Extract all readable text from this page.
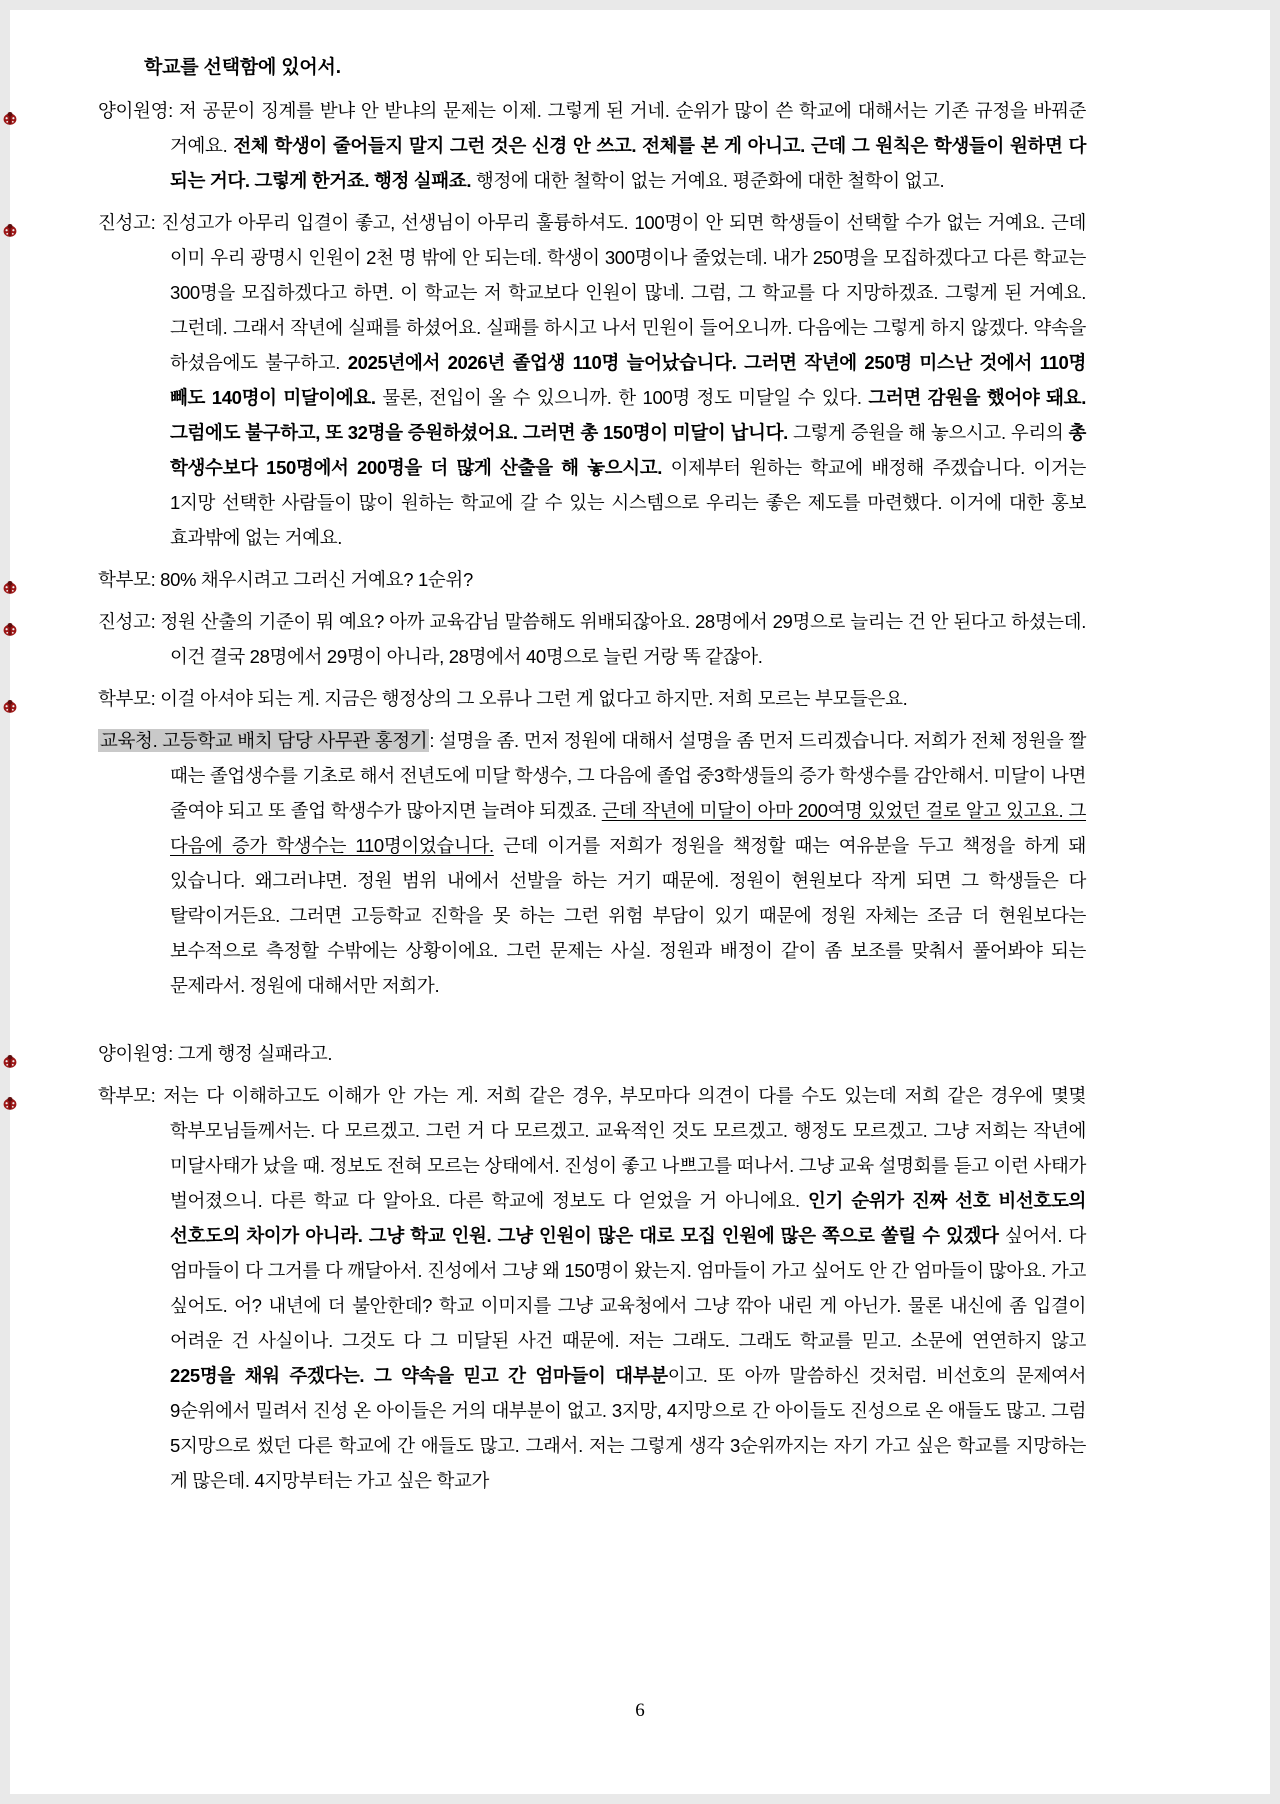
학교를 선택함에 있어서.

양이원영: 저 공문이 징계를 받냐 안 받냐의 문제는 이제. 그렇게 된 거네. 순위가 많이 쓴 학교에 대해서는 기존 규정을 바꿔준 거예요. 전체 학생이 줄어들지 말지 그런 것은 신경 안 쓰고. 전체를 본 게 아니고. 근데 그 원칙은 학생들이 원하면 다 되는 거다. 그렇게 한거죠. 행정 실패죠. 행정에 대한 철학이 없는 거예요. 평준화에 대한 철학이 없고.

진성고: 진성고가 아무리 입결이 좋고, 선생님이 아무리 훌륭하셔도. 100명이 안 되면 학생들이 선택할 수가 없는 거예요. 근데 이미 우리 광명시 인원이 2천 명 밖에 안 되는데. 학생이 300명이나 줄었는데. 내가 250명을 모집하겠다고 다른 학교는 300명을 모집하겠다고 하면. 이 학교는 저 학교보다 인원이 많네. 그럼, 그 학교를 다 지망하겠죠. 그렇게 된 거예요. 그런데. 그래서 작년에 실패를 하셨어요. 실패를 하시고 나서 민원이 들어오니까. 다음에는 그렇게 하지 않겠다. 약속을 하셨음에도 불구하고. 2025년에서 2026년 졸업생 110명 늘어났습니다. 그러면 작년에 250명 미스난 것에서 110명 빼도 140명이 미달이에요. 물론, 전입이 올 수 있으니까. 한 100명 정도 미달일 수 있다. 그러면 감원을 했어야 돼요. 그럼에도 불구하고, 또 32명을 증원하셨어요. 그러면 총 150명이 미달이 납니다. 그렇게 증원을 해 놓으시고. 우리의 총 학생수보다 150명에서 200명을 더 많게 산출을 해 놓으시고. 이제부터 원하는 학교에 배정해 주겠습니다. 이거는 1지망 선택한 사람들이 많이 원하는 학교에 갈 수 있는 시스템으로 우리는 좋은 제도를 마련했다. 이거에 대한 홍보 효과밖에 없는 거예요.

학부모: 80% 채우시려고 그러신 거예요? 1순위?

진성고: 정원 산출의 기준이 뭐 예요? 아까 교육감님 말씀해도 위배되잖아요. 28명에서 29명으로 늘리는 건 안 된다고 하셨는데. 이건 결국 28명에서 29명이 아니라, 28명에서 40명으로 늘린 거랑 똑 같잖아.

학부모: 이걸 아셔야 되는 게. 지금은 행정상의 그 오류나 그런 게 없다고 하지만. 저희 모르는 부모들은요.

교육청. 고등학교 배치 담당 사무관 홍정기 : 설명을 좀. 먼저 정원에 대해서 설명을 좀 먼저 드리겠습니다. 저희가 전체 정원을 짤 때는 졸업생수를 기초로 해서 전년도에 미달 학생수, 그 다음에 졸업 중3학생들의 증가 학생수를 감안해서. 미달이 나면 줄여야 되고 또 졸업 학생수가 많아지면 늘려야 되겠죠. 근데 작년에 미달이 아마 200여명 있었던 걸로 알고 있고요. 그 다음에 증가 학생수는 110명이었습니다. 근데 이거를 저희가 정원을 책정할 때는 여유분을 두고 책정을 하게 돼 있습니다. 왜그러냐면. 정원 범위 내에서 선발을 하는 거기 때문에. 정원이 현원보다 작게 되면 그 학생들은 다 탈락이거든요. 그러면 고등학교 진학을 못 하는 그런 위험 부담이 있기 때문에 정원 자체는 조금 더 현원보다는 보수적으로 측정할 수밖에는 상황이에요. 그런 문제는 사실. 정원과 배정이 같이 좀 보조를 맞춰서 풀어봐야 되는 문제라서. 정원에 대해서만 저희가.

양이원영: 그게 행정 실패라고.

학부모: 저는 다 이해하고도 이해가 안 가는 게. 저희 같은 경우, 부모마다 의견이 다를 수도 있는데 저희 같은 경우에 몇몇 학부모님들께서는. 다 모르겠고. 그런 거 다 모르겠고. 교육적인 것도 모르겠고. 행정도 모르겠고. 그냥 저희는 작년에 미달사태가 났을 때. 정보도 전혀 모르는 상태에서. 진성이 좋고 나쁘고를 떠나서. 그냥 교육 설명회를 듣고 이런 사태가 벌어졌으니. 다른 학교 다 알아요. 다른 학교에 정보도 다 얻었을 거 아니에요. 인기 순위가 진짜 선호 비선호도의 선호도의 차이가 아니라. 그냥 학교 인원. 그냥 인원이 많은 대로 모집 인원에 많은 쪽으로 쏠릴 수 있겠다 싶어서. 다 엄마들이 다 그거를 다 깨달아서. 진성에서 그냥 왜 150명이 왔는지. 엄마들이 가고 싶어도 안 간 엄마들이 많아요. 가고 싶어도. 어? 내년에 더 불안한데? 학교 이미지를 그냥 교육청에서 그냥 깎아 내린 게 아닌가. 물론 내신에 좀 입결이 어려운 건 사실이나. 그것도 다 그 미달된 사건 때문에. 저는 그래도. 그래도 학교를 믿고. 소문에 연연하지 않고 225명을 채워 주겠다는. 그 약속을 믿고 간 엄마들이 대부분이고. 또 아까 말씀하신 것처럼. 비선호의 문제여서 9순위에서 밀려서 진성 온 아이들은 거의 대부분이 없고. 3지망, 4지망으로 간 아이들도 진성으로 온 애들도 많고. 그럼 5지망으로 썼던 다른 학교에 간 애들도 많고. 그래서. 저는 그렇게 생각 3순위까지는 자기 가고 싶은 학교를 지망하는 게 많은데. 4지망부터는 가고 싶은 학교가

6
